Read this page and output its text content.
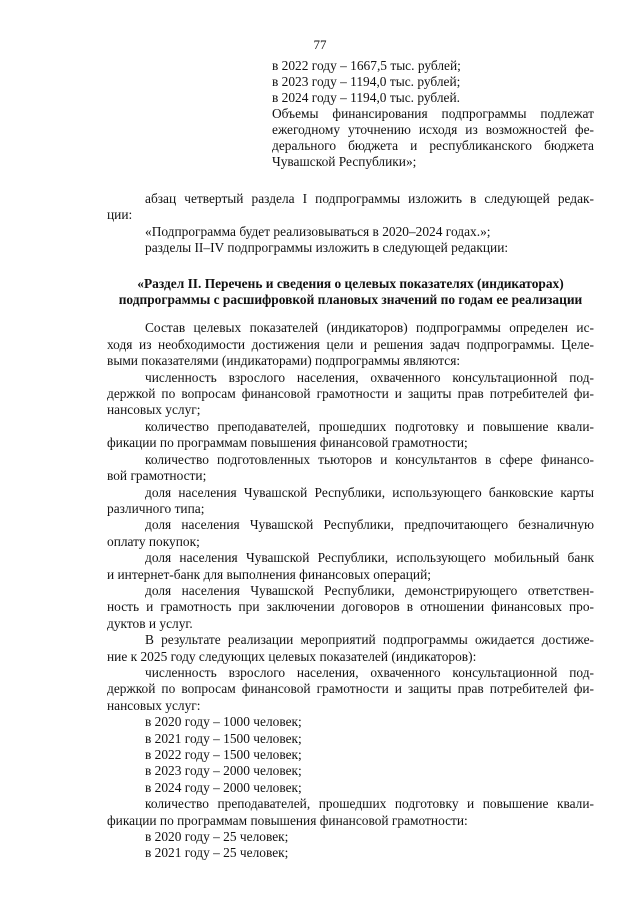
77
в 2022 году – 1667,5 тыс. рублей;
в 2023 году – 1194,0 тыс. рублей;
в 2024 году – 1194,0 тыс. рублей.
Объемы финансирования подпрограммы подлежат
ежегодному уточнению исходя из возможностей фе-
дерального бюджета и республиканского бюджета
Чувашской Республики»;
абзац четвертый раздела I подпрограммы изложить в следующей редак-
ции:
«Подпрограмма будет реализовываться в 2020–2024 годах.»;
разделы II–IV подпрограммы изложить в следующей редакции:
«Раздел II. Перечень и сведения о целевых показателях (индикаторах)
подпрограммы с расшифровкой плановых значений по годам ее реализации
Состав целевых показателей (индикаторов) подпрограммы определен ис-
ходя из необходимости достижения цели и решения задач подпрограммы. Целе-
выми показателями (индикаторами) подпрограммы являются:
численность взрослого населения, охваченного консультационной под-
держкой по вопросам финансовой грамотности и защиты прав потребителей фи-
нансовых услуг;
количество преподавателей, прошедших подготовку и повышение квали-
фикации по программам повышения финансовой грамотности;
количество подготовленных тьюторов и консультантов в сфере финансо-
вой грамотности;
доля населения Чувашской Республики, использующего банковские карты
различного типа;
доля населения Чувашской Республики, предпочитающего безналичную
оплату покупок;
доля населения Чувашской Республики, использующего мобильный банк
и интернет-банк для выполнения финансовых операций;
доля населения Чувашской Республики, демонстрирующего ответствен-
ность и грамотность при заключении договоров в отношении финансовых про-
дуктов и услуг.
В результате реализации мероприятий подпрограммы ожидается достиже-
ние к 2025 году следующих целевых показателей (индикаторов):
численность взрослого населения, охваченного консультационной под-
держкой по вопросам финансовой грамотности и защиты прав потребителей фи-
нансовых услуг:
в 2020 году – 1000 человек;
в 2021 году – 1500 человек;
в 2022 году – 1500 человек;
в 2023 году – 2000 человек;
в 2024 году – 2000 человек;
количество преподавателей, прошедших подготовку и повышение квали-
фикации по программам повышения финансовой грамотности:
в 2020 году – 25 человек;
в 2021 году – 25 человек;
